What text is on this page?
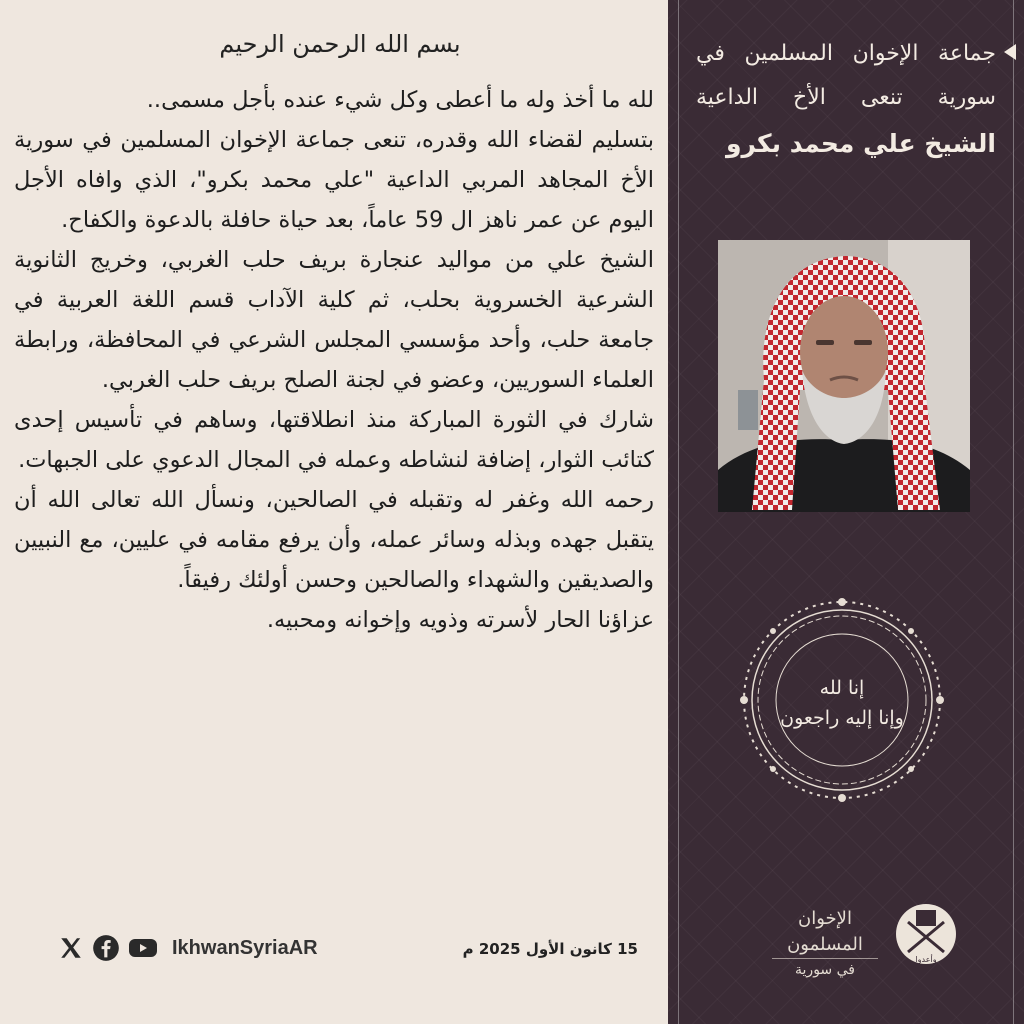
بسم الله الرحمن الرحيم

لله ما أخذ وله ما أعطى وكل شيء عنده بأجل مسمى..

بتسليم لقضاء الله وقدره، تنعى جماعة الإخوان المسلمين في سورية الأخ المجاهد المربي الداعية "علي محمد بكرو"، الذي وافاه الأجل اليوم عن عمر ناهز ال 59 عاماً، بعد حياة حافلة بالدعوة والكفاح.

الشيخ علي من مواليد عنجارة بريف حلب الغربي، وخريج الثانوية الشرعية الخسروية بحلب، ثم كلية الآداب قسم اللغة العربية في جامعة حلب، وأحد مؤسسي المجلس الشرعي في المحافظة، ورابطة العلماء السوريين، وعضو في لجنة الصلح بريف حلب الغربي.

شارك في الثورة المباركة منذ انطلاقتها، وساهم في تأسيس إحدى كتائب الثوار، إضافة لنشاطه وعمله في المجال الدعوي على الجبهات.

رحمه الله وغفر له وتقبله في الصالحين، ونسأل الله تعالى الله أن يتقبل جهده وبذله وسائر عمله، وأن يرفع مقامه في عليين، مع النبيين والصديقين والشهداء والصالحين وحسن أولئك رفيقاً.

عزاؤنا الحار لأسرته وذويه وإخوانه ومحبيه.

IkhwanSyriaAR	15 كانون الأول 2025 م
جماعة الإخوان المسلمين في
سورية تنعى الأخ الداعية
الشيخ علي محمد بكرو
إنا لله
وإنا إليه راجعون
الإخوان المسلمون
في سورية
وأعدوا
